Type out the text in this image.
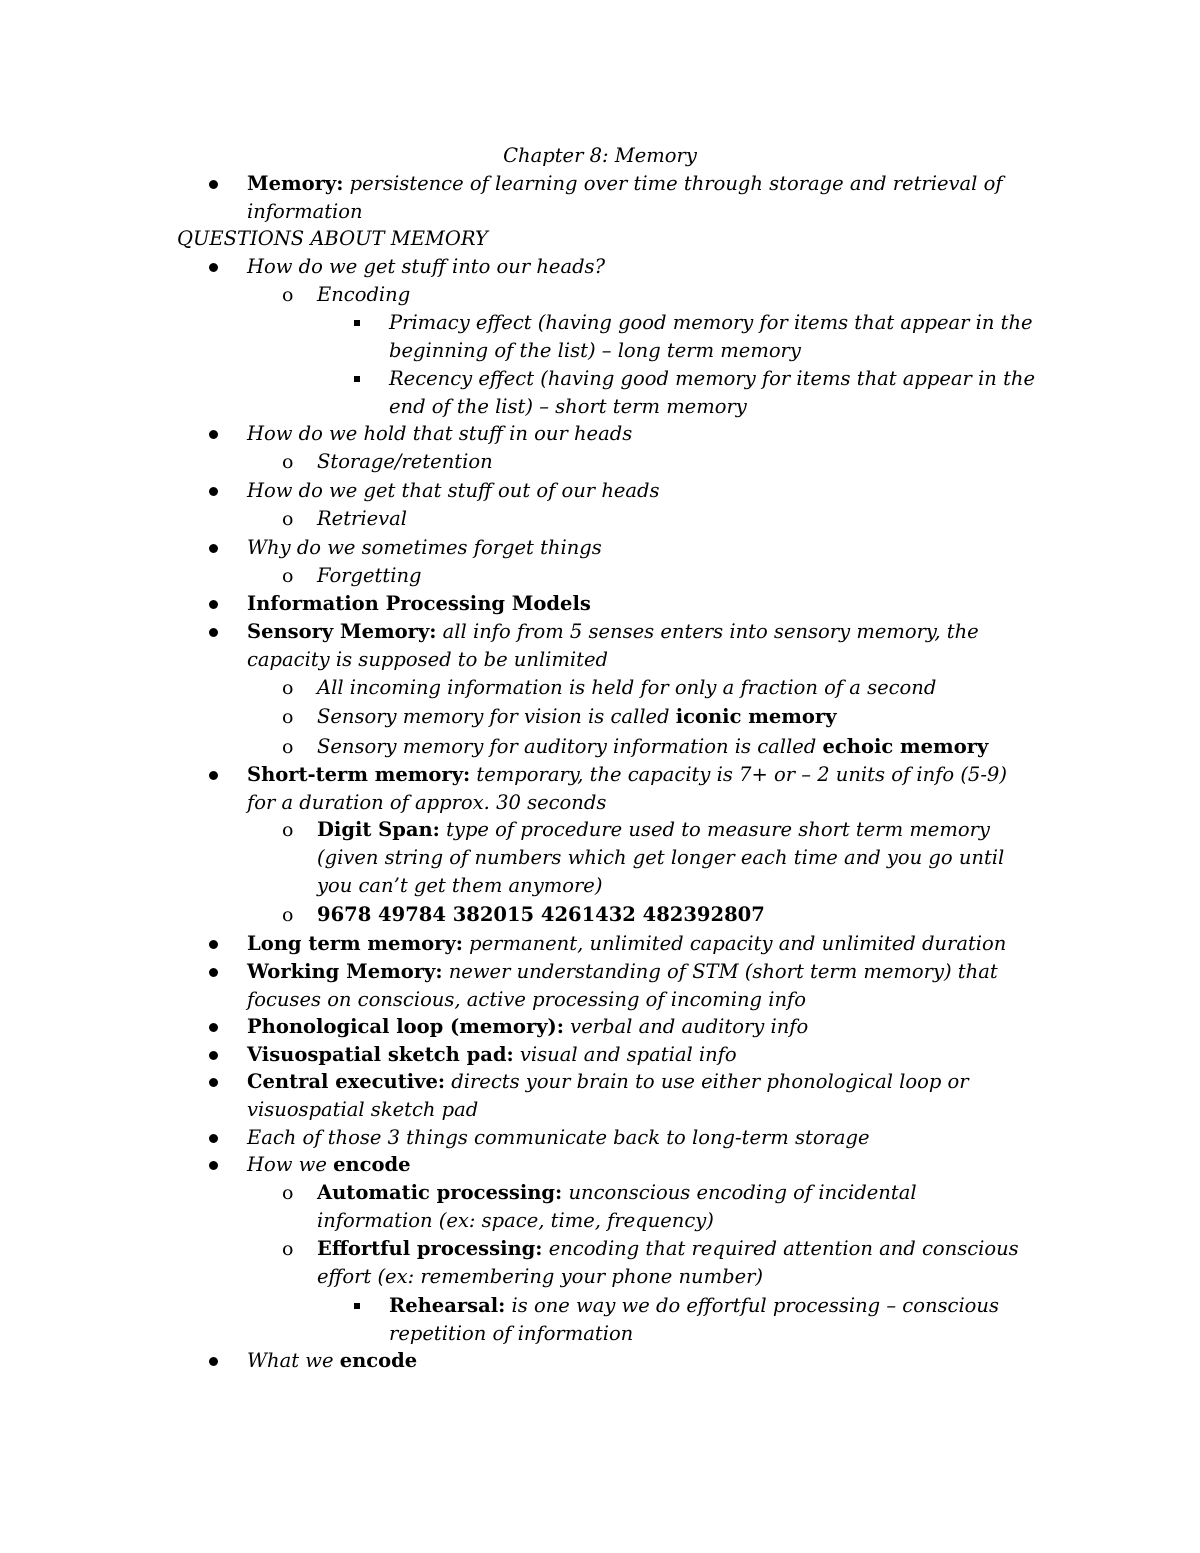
Chapter 8: Memory
Memory: persistence of learning over time through storage and retrieval of information
QUESTIONS ABOUT MEMORY
How do we get stuff into our heads?
o Encoding
Primacy effect (having good memory for items that appear in the beginning of the list) – long term memory
Recency effect (having good memory for items that appear in the end of the list) – short term memory
How do we hold that stuff in our heads
o Storage/retention
How do we get that stuff out of our heads
o Retrieval
Why do we sometimes forget things
o Forgetting
Information Processing Models
Sensory Memory: all info from 5 senses enters into sensory memory, the capacity is supposed to be unlimited
o All incoming information is held for only a fraction of a second
o Sensory memory for vision is called iconic memory
o Sensory memory for auditory information is called echoic memory
Short-term memory: temporary, the capacity is 7+ or – 2 units of info (5-9) for a duration of approx. 30 seconds
o Digit Span: type of procedure used to measure short term memory (given string of numbers which get longer each time and you go until you can’t get them anymore)
o 9678 49784 382015 4261432 482392807
Long term memory: permanent, unlimited capacity and unlimited duration
Working Memory: newer understanding of STM (short term memory) that focuses on conscious, active processing of incoming info
Phonological loop (memory): verbal and auditory info
Visuospatial sketch pad: visual and spatial info
Central executive: directs your brain to use either phonological loop or visuospatial sketch pad
Each of those 3 things communicate back to long-term storage
How we encode
o Automatic processing: unconscious encoding of incidental information (ex: space, time, frequency)
o Effortful processing: encoding that required attention and conscious effort (ex: remembering your phone number)
Rehearsal: is one way we do effortful processing – conscious repetition of information
What we encode
